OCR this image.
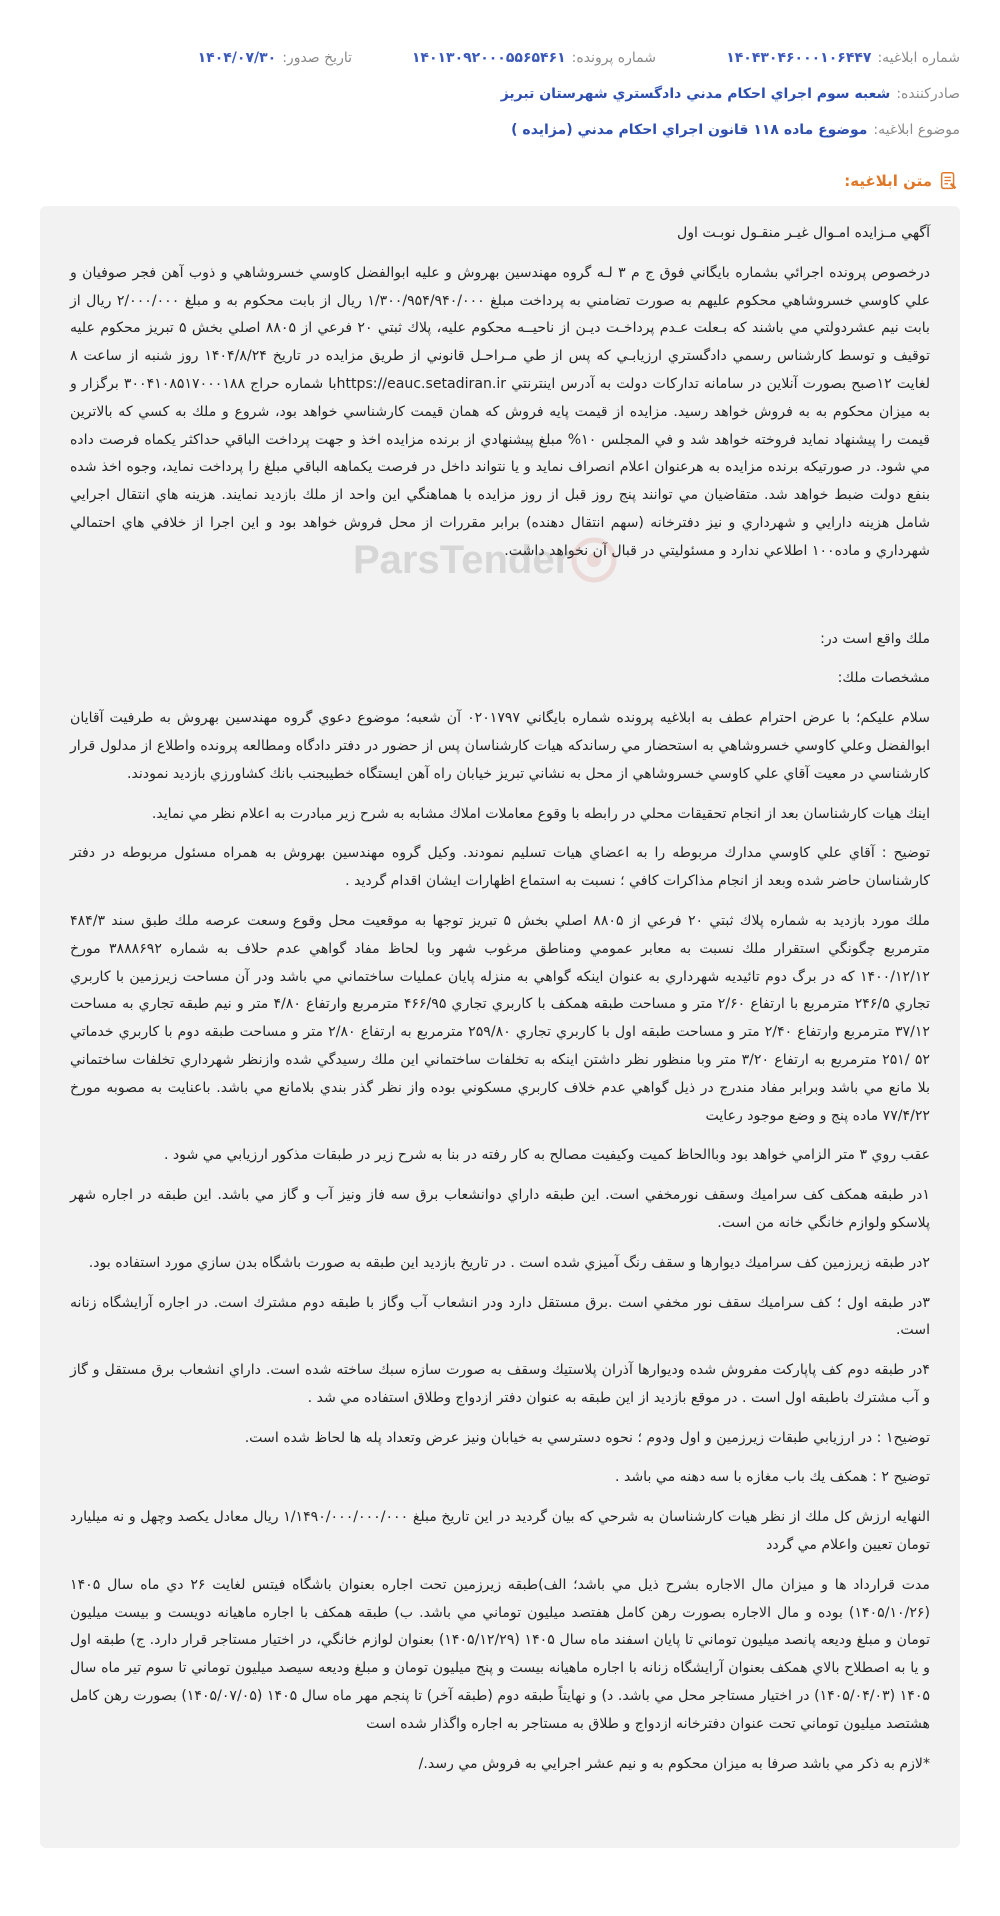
شماره ابلاغيه:
۱۴۰۴۳۰۴۶۰۰۰۱۰۶۴۴۷
شماره پرونده:
۱۴۰۱۳۰۹۲۰۰۰۵۵۶۵۴۶۱
تاريخ صدور:
۱۴۰۴/۰۷/۳۰
صادرکننده:
شعبه سوم اجراي احكام مدني دادگستري شهرستان تبريز
موضوع ابلاغيه:
موضوع ماده ۱۱۸ قانون اجراي احكام مدني (مزايده )
متن ابلاغيه:
ParsTender

آگهي مـزايده امـوال غيـر منقـول نوبـت اول

درخصوص پرونده اجرائي بشماره بايگاني فوق ج م ۳ لـه گروه مهندسين بهروش و عليه ابوالفضل كاوسي خسروشاهي و ذوب آهن فجر صوفيان و علي كاوسي خسروشاهي محكوم عليهم به صورت تضامني به پرداخت مبلغ ۱/۳۰۰/۹۵۴/۹۴۰/۰۰۰ ريال از بابت محكوم به و مبلغ ۲/۰۰۰/۰۰۰ ريال از بابت نيم عشردولتي مي باشند كه بـعلت عـدم پرداخـت ديـن از ناحيــه محكوم عليه، پلاك ثبتي ۲۰ فرعي از ۸۸۰۵ اصلي بخش ۵ تبريز محكوم عليه توقيف و توسط كارشناس رسمي دادگستري ارزيابـي كه پس از طي مـراحـل قانوني از طريق مزايده در تاريخ ۱۴۰۴/۸/۲۴ روز شنبه از ساعت ۸ لغايت ۱۲صبح بصورت آنلاين در سامانه تداركات دولت به آدرس اينترنتي https://eauc.setadiran.irبا شماره حراج ۳۰۰۴۱۰۸۵۱۷۰۰۰۱۸۸ برگزار و به ميزان محكوم به به فروش خواهد رسيد. مزايده از قيمت پايه فروش كه همان قيمت كارشناسي خواهد بود، شروع و ملك به كسي كه بالاترين قيمت را پيشنهاد نمايد فروخته خواهد شد و في المجلس ۱۰% مبلغ پيشنهادي از برنده مزايده اخذ و جهت پرداخت الباقي حداكثر يكماه فرصت داده مي شود. در صورتيكه برنده مزايده به هرعنوان اعلام انصراف نمايد و يا نتواند داخل در فرصت يكماهه الباقي مبلغ را پرداخت نمايد، وجوه اخذ شده بنفع دولت ضبط خواهد شد. متقاضيان مي توانند پنج روز قبل از روز مزايده با هماهنگي اين واحد از ملك بازديد نمايند. هزينه هاي انتقال اجرايي شامل هزينه دارايي و شهرداري و نيز دفترخانه (سهم انتقال دهنده) برابر مقررات از محل فروش خواهد بود و اين اجرا از خلافي هاي احتمالي شهرداري و ماده۱۰۰ اطلاعي ندارد و مسئوليتي در قبال آن نخواهد داشت.

ملك واقع است در:

مشخصات ملك:

سلام عليكم؛ با عرض احترام عطف به ابلاغيه پرونده شماره بايگاني ۰۲۰۱۷۹۷ آن شعبه؛ موضوع دعوي گروه مهندسين بهروش به طرفيت آقايان ابوالفضل وعلي كاوسي خسروشاهي به استحضار مي رساندكه هيات كارشناسان پس از حضور در دفتر دادگاه ومطالعه پرونده واطلاع از مدلول قرار كارشناسي در معيت آقاي علي كاوسي خسروشاهي از محل به نشاني تبريز خيابان راه آهن ايستگاه خطيبجنب بانك كشاورزي بازديد نمودند.

اينك هيات كارشناسان بعد از انجام تحقيقات محلي در رابطه با وقوع معاملات املاك مشابه به شرح زير مبادرت به اعلام نظر مي نمايد.

توضيح : آقاي علي كاوسي مدارك مربوطه را به اعضاي هيات تسليم نمودند. وكيل گروه مهندسين بهروش به همراه مسئول مربوطه در دفتر كارشناسان حاضر شده وبعد از انجام مذاكرات كافي ؛ نسبت به استماع اظهارات ايشان اقدام گرديد .

ملك مورد بازديد به شماره پلاك ثبتي ۲۰ فرعي از ۸۸۰۵ اصلي بخش ۵ تبريز توجها به موقعيت محل وقوع وسعت عرصه ملك طبق سند ۴۸۴/۳ مترمربع چگونگي استقرار ملك نسبت به معابر عمومي ومناطق مرغوب شهر وبا لحاظ مفاد گواهي عدم حلاف به شماره ۳۸۸۸۶۹۲ مورخ ۱۴۰۰/۱۲/۱۲ كه در برگ دوم تائيديه شهرداري به عنوان اينكه گواهي به منزله پايان عمليات ساختماني مي باشد ودر آن مساحت زيرزمين با كاربري تجاري ۲۴۶/۵ مترمربع با ارتفاع ۲/۶۰ متر و مساحت طبقه همكف با كاربري تجاري ۴۶۶/۹۵ مترمربع وارتفاع ۴/۸۰ متر و نيم طبقه تجاري به مساحت ۳۷/۱۲ مترمربع وارتفاع ۲/۴۰ متر و مساحت طبقه اول با كاربري تجاري ۲۵۹/۸۰ مترمربع به ارتفاع ۲/۸۰ متر و مساحت طبقه دوم با كاربري خدماتي ۵۲ /۲۵۱ مترمربع به ارتفاع ۳/۲۰ متر وبا منظور نظر داشتن اينكه به تخلفات ساختماني اين ملك رسيدگي شده وازنظر شهرداري تخلفات ساختماني بلا مانع مي باشد وبرابر مفاد مندرج در ذيل گواهي عدم خلاف كاربري مسكوني بوده واز نظر گذر بندي بلامانع مي باشد. باعنايت به مصوبه مورخ ۷۷/۴/۲۲ ماده پنج و وضع موجود رعايت

عقب روي ۳ متر الزامي خواهد بود وباالحاظ كميت وكيفيت مصالح به كار رفته در بنا به شرح زير در طبقات مذكور ارزيابي مي شود .

۱در طبقه همكف كف سراميك وسقف نورمخفي است. اين طبقه داراي دوانشعاب برق سه فاز ونيز آب و گاز مي باشد. اين طبقه در اجاره شهر پلاسكو ولوازم خانگي خانه من است.

۲در طبقه زيرزمين كف سراميك ديوارها و سقف رنگ آميزي شده است . در تاريخ بازديد اين طبقه به صورت باشگاه بدن سازي مورد استفاده بود.

۳در طبقه اول ؛ كف سراميك سقف نور مخفي است .برق مستقل دارد ودر انشعاب آب وگاز با طبقه دوم مشترك است. در اجاره آرايشگاه زنانه است.

۴در طبقه دوم كف پاپاركت مفروش شده وديوارها آذران پلاستيك وسقف به صورت سازه سبك ساخته شده است. داراي انشعاب برق مستقل و گاز و آب مشترك باطبقه اول است . در موقع بازديد از اين طبقه به عنوان دفتر ازدواج وطلاق استفاده مي شد .

توضيح۱ : در ارزيابي طبقات زيرزمين و اول ودوم ؛ نحوه دسترسي به خيابان ونيز عرض وتعداد پله ها لحاظ شده است.

توضيح ۲ : همكف يك باب مغازه با سه دهنه مي باشد .

النهايه ارزش كل ملك از نظر هيات كارشناسان به شرحي كه بيان گرديد در اين تاريخ مبلغ ۱/۱۴۹۰/۰۰۰/۰۰۰/۰۰۰ ريال معادل يكصد وچهل و نه ميليارد تومان تعيين واعلام مي گردد

مدت قرارداد ها و ميزان مال الاجاره بشرح ذيل مي باشد؛ الف)طبقه زيرزمين تحت اجاره بعنوان باشگاه فيتس لغايت ۲۶ دي ماه سال ۱۴۰۵ (۱۴۰۵/۱۰/۲۶) بوده و مال الاجاره بصورت رهن كامل هفتصد ميليون توماني مي باشد. ب) طبقه همكف با اجاره ماهيانه دويست و بيست ميليون تومان و مبلغ وديعه پانصد ميليون توماني تا پايان اسفند ماه سال ۱۴۰۵ (۱۴۰۵/۱۲/۲۹) بعنوان لوازم خانگي، در اختيار مستاجر قرار دارد. ج) طبقه اول و يا به اصطلاح بالاي همكف بعنوان آرايشگاه زنانه با اجاره ماهيانه بيست و پنج ميليون تومان و مبلغ وديعه سيصد ميليون توماني تا سوم تير ماه سال ۱۴۰۵ (۱۴۰۵/۰۴/۰۳) در اختيار مستاجر محل مي باشد. د) و نهايتاً طبقه دوم (طبقه آخر) تا پنجم مهر ماه سال ۱۴۰۵ (۱۴۰۵/۰۷/۰۵) بصورت رهن كامل هشتصد ميليون توماني تحت عنوان دفترخانه ازدواج و طلاق به مستاجر به اجاره واگذار شده است

*لازم به ذكر مي باشد صرفا به ميزان محكوم به و نيم عشر اجرايي به فروش مي رسد./
